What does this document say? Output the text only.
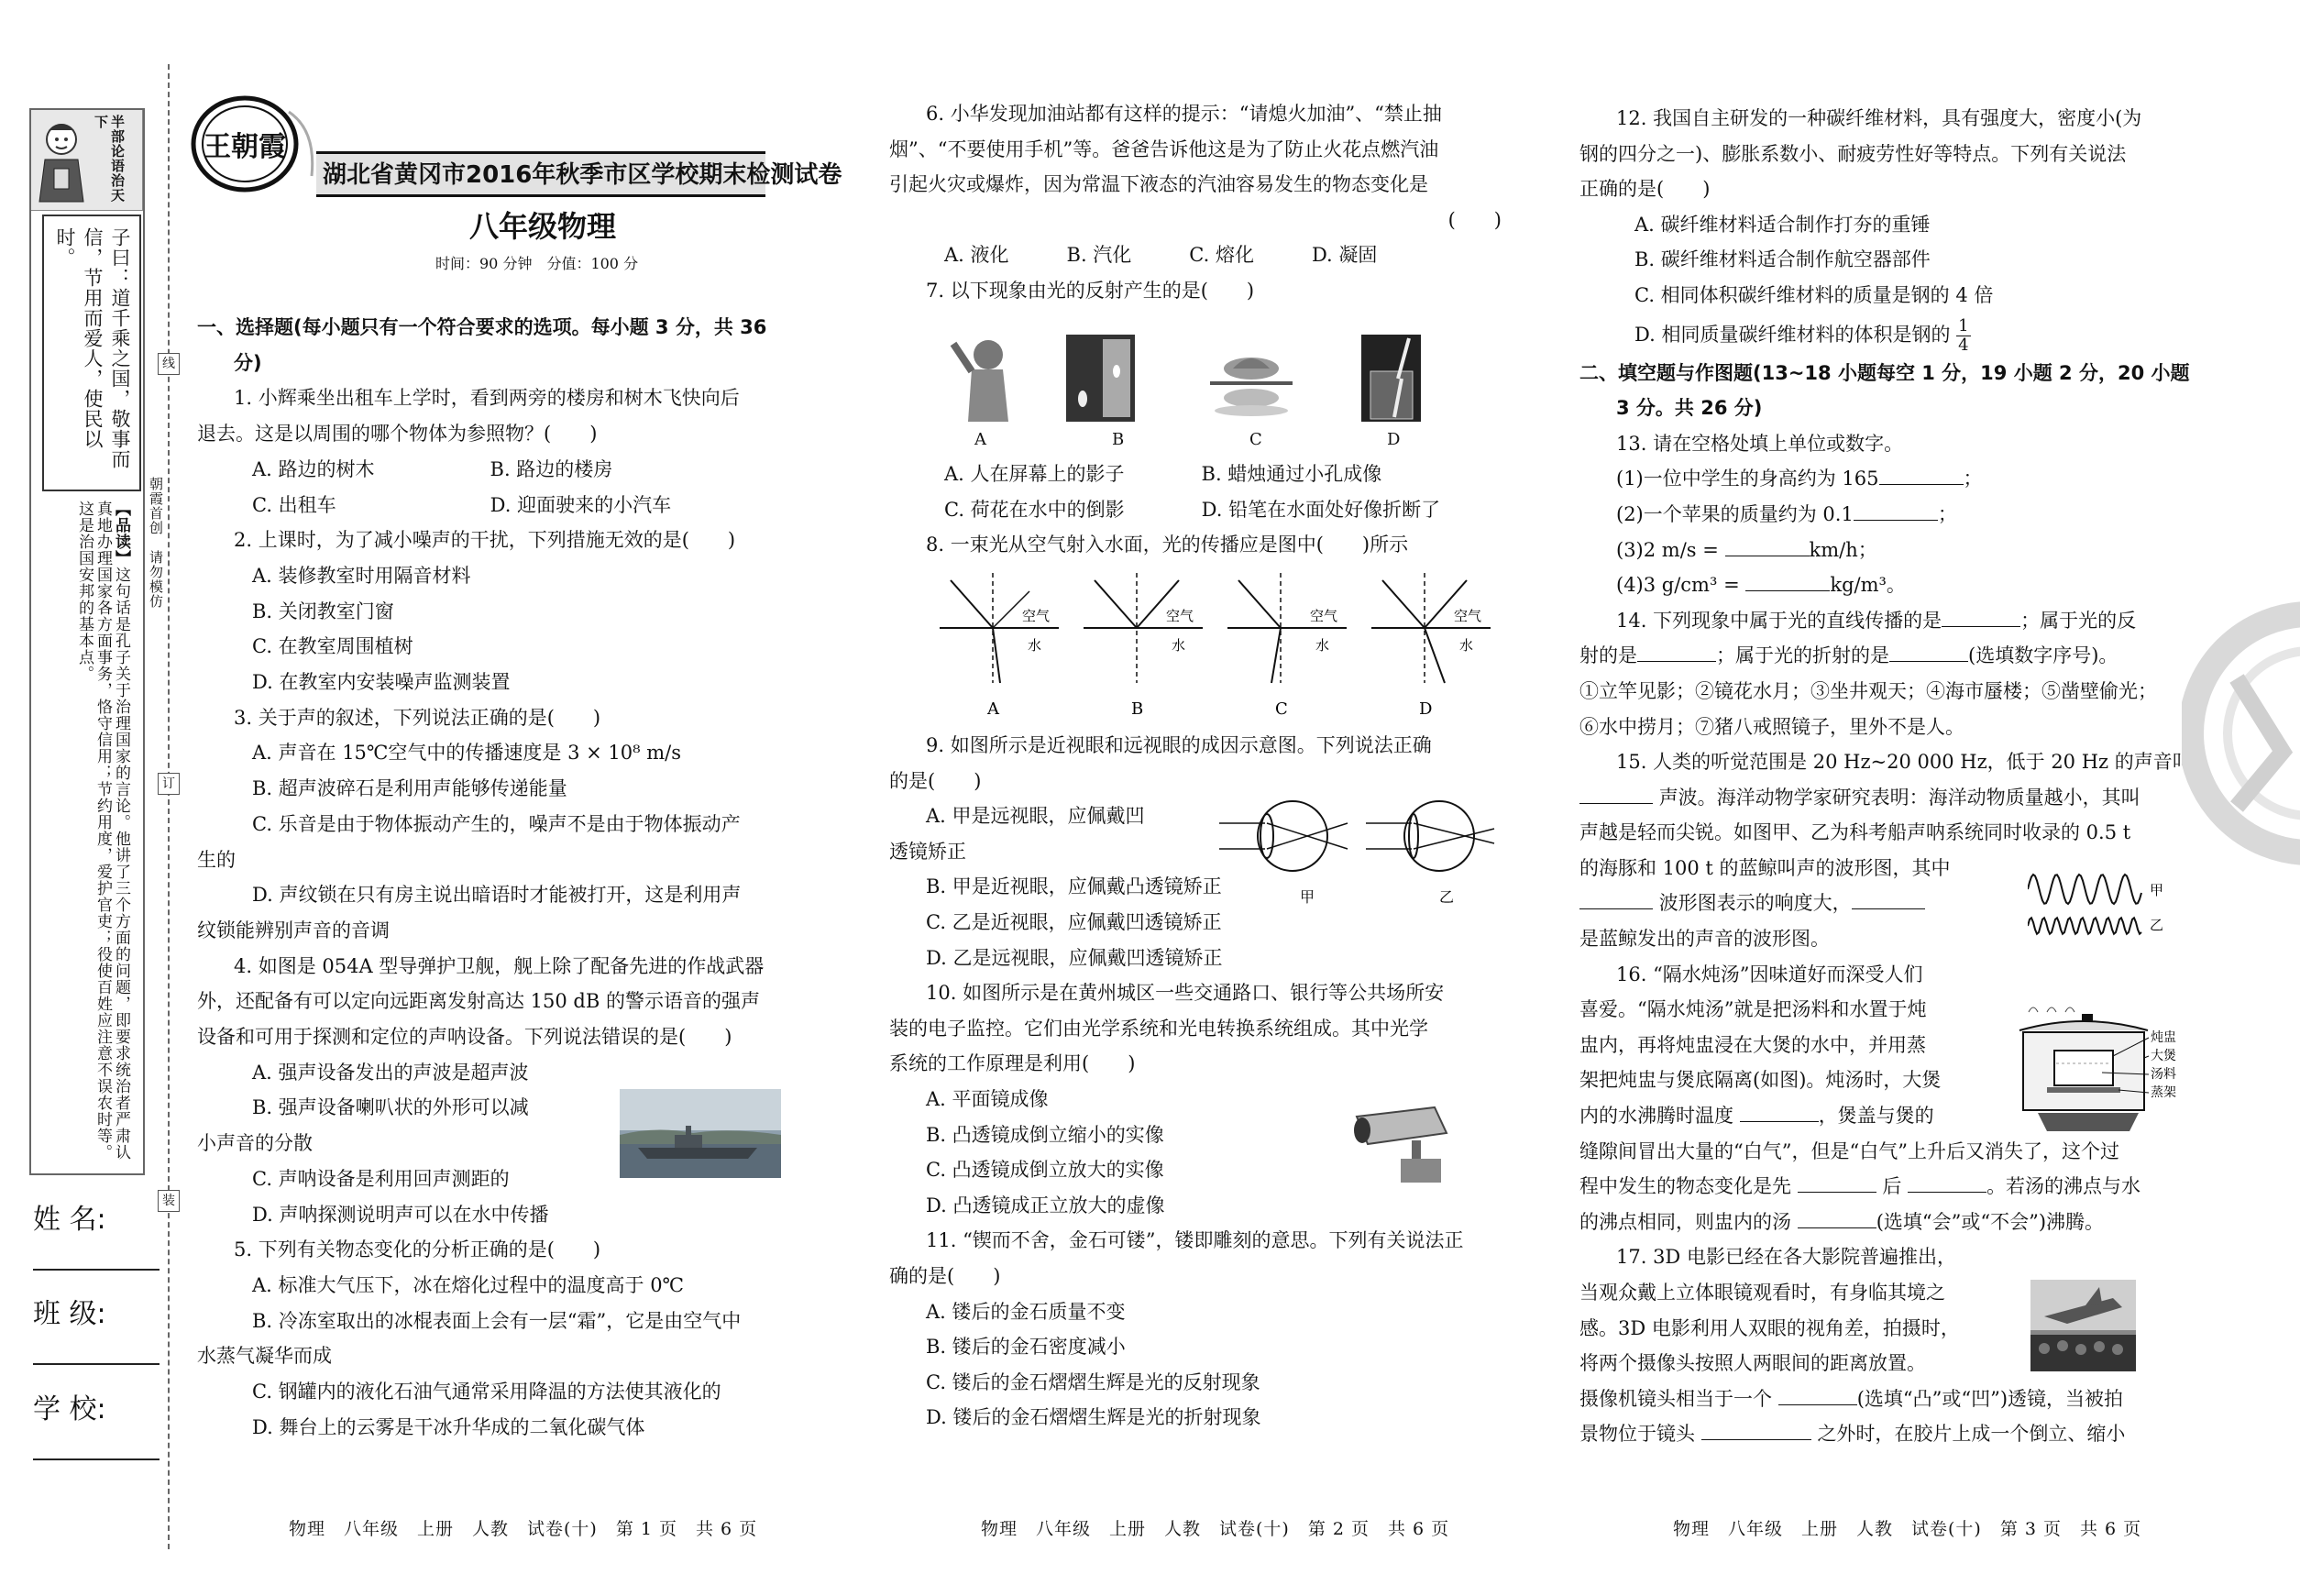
半部论语治天下
子曰：道千乘之国，敬事而信，节用而爱人，使民以时。
【品读】这句话是孔子关于治理国家的言论。他讲了三个方面的问题，即要求统治者严肃认真地办理国家各方面事务，恪守信用；节约用度，爱护官吏；役使百姓应注意不误农时等。这是治国安邦的基本点。
线
订
装
朝霞首创　请勿模仿
姓 名:
班 级:
学 校:
王朝霞
湖北省黄冈市2016年秋季市区学校期末检测试卷
八年级物理
时间：90 分钟　分值：100 分

一、选择题(每小题只有一个符合要求的选项。每小题 3 分，共 36

分)

1. 小辉乘坐出租车上学时，看到两旁的楼房和树木飞快向后

退去。这是以周围的哪个物体为参照物？(　　)

A. 路边的树木　　　　　　B. 路边的楼房

C. 出租车　　　　　　　　D. 迎面驶来的小汽车

2. 上课时，为了减小噪声的干扰，下列措施无效的是(　　)

A. 装修教室时用隔音材料

B. 关闭教室门窗

C. 在教室周围植树

D. 在教室内安装噪声监测装置

3. 关于声的叙述，下列说法正确的是(　　)

A. 声音在 15℃空气中的传播速度是 3 × 10⁸ m/s

B. 超声波碎石是利用声能够传递能量

C. 乐音是由于物体振动产生的，噪声不是由于物体振动产

生的

D. 声纹锁在只有房主说出暗语时才能被打开，这是利用声

纹锁能辨别声音的音调

4. 如图是 054A 型导弹护卫舰，舰上除了配备先进的作战武器

外，还配备有可以定向远距离发射高达 150 dB 的警示语音的强声

设备和可用于探测和定位的声呐设备。下列说法错误的是(　　)

A. 强声设备发出的声波是超声波

B. 强声设备喇叭状的外形可以减

小声音的分散

C. 声呐设备是利用回声测距的

D. 声呐探测说明声可以在水中传播

5. 下列有关物态变化的分析正确的是(　　)

A. 标准大气压下，冰在熔化过程中的温度高于 0℃

B. 冷冻室取出的冰棍表面上会有一层“霜”，它是由空气中

水蒸气凝华而成

C. 钢罐内的液化石油气通常采用降温的方法使其液化的

D. 舞台上的云雾是干冰升华成的二氧化碳气体

6. 小华发现加油站都有这样的提示：“请熄火加油”、“禁止抽

烟”、“不要使用手机”等。爸爸告诉他这是为了防止火花点燃汽油

引起火灾或爆炸，因为常温下液态的汽油容易发生的物态变化是

(　　)

A. 液化　　　B. 汽化　　　C. 熔化　　　D. 凝固

7. 以下现象由光的反射产生的是(　　)

A	B	C	D

A. 人在屏幕上的影子　　　　B. 蜡烛通过小孔成像

C. 荷花在水中的倒影　　　　D. 铅笔在水面处好像折断了

8. 一束光从空气射入水面，光的传播应是图中(　　)所示

空气
水
A
空气
水
B
空气
水
C
空气
水
D

9. 如图所示是近视眼和远视眼的成因示意图。下列说法正确

的是(　　)

A. 甲是远视眼，应佩戴凹

透镜矫正

B. 甲是近视眼，应佩戴凸透镜矫正

C. 乙是近视眼，应佩戴凹透镜矫正

D. 乙是远视眼，应佩戴凹透镜矫正

10. 如图所示是在黄州城区一些交通路口、银行等公共场所安

装的电子监控。它们由光学系统和光电转换系统组成。其中光学

系统的工作原理是利用(　　)

A. 平面镜成像

B. 凸透镜成倒立缩小的实像

C. 凸透镜成倒立放大的实像

D. 凸透镜成正立放大的虚像

11. “锲而不舍，金石可镂”，镂即雕刻的意思。下列有关说法正

确的是(　　)

A. 镂后的金石质量不变

B. 镂后的金石密度减小

C. 镂后的金石熠熠生辉是光的反射现象

D. 镂后的金石熠熠生辉是光的折射现象

甲	乙

12. 我国自主研发的一种碳纤维材料，具有强度大，密度小(为

钢的四分之一)、膨胀系数小、耐疲劳性好等特点。下列有关说法

正确的是(　　)

A. 碳纤维材料适合制作打夯的重锤

B. 碳纤维材料适合制作航空器部件

C. 相同体积碳纤维材料的质量是钢的 4 倍

D. 相同质量碳纤维材料的体积是钢的 $\frac{1}{4}$

二、填空题与作图题(13~18 小题每空 1 分，19 小题 2 分，20 小题

3 分。共 26 分)

13. 请在空格处填上单位或数字。

(1)一位中学生的身高约为 165	；

(2)一个苹果的质量约为 0.1	；

(3)2 m/s =	km/h；

(4)3 g/cm³ =	kg/m³。

14. 下列现象中属于光的直线传播的是	；属于光的反

射的是	；属于光的折射的是	(选填数字序号)。

①立竿见影；②镜花水月；③坐井观天；④海市蜃楼；⑤凿壁偷光；

⑥水中捞月；⑦猪八戒照镜子，里外不是人。

15. 人类的听觉范围是 20 Hz~20 000 Hz，低于 20 Hz 的声音叫

声波。海洋动物学家研究表明：海洋动物质量越小，其叫

声越是轻而尖锐。如图甲、乙为科考船声呐系统同时收录的 0.5 t

的海豚和 100 t 的蓝鲸叫声的波形图，其中

波形图表示的响度大，

是蓝鲸发出的声音的波形图。

16. “隔水炖汤”因味道好而深受人们

喜爱。“隔水炖汤”就是把汤料和水置于炖

盅内，再将炖盅浸在大煲的水中，并用蒸

架把炖盅与煲底隔离(如图)。炖汤时，大煲

内的水沸腾时温度	，煲盖与煲的

缝隙间冒出大量的“白气”，但是“白气”上升后又消失了，这个过

程中发生的物态变化是先	后	。若汤的沸点与水

的沸点相同，则盅内的汤	(选填“会”或“不会”)沸腾。

17. 3D 电影已经在各大影院普遍推出，

当观众戴上立体眼镜观看时，有身临其境之

感。3D 电影利用人双眼的视角差，拍摄时，

将两个摄像头按照人两眼间的距离放置。

摄像机镜头相当于一个	(选填“凸”或“凹”)透镜，当被拍

景物位于镜头	之外时，在胶片上成一个倒立、缩小

甲
乙
炖盅
大煲
汤料
蒸架
物理　八年级　上册　人教　试卷(十)　第 1 页　共 6 页	物理　八年级　上册　人教　试卷(十)　第 2 页　共 6 页	物理　八年级　上册　人教　试卷(十)　第 3 页　共 6 页
